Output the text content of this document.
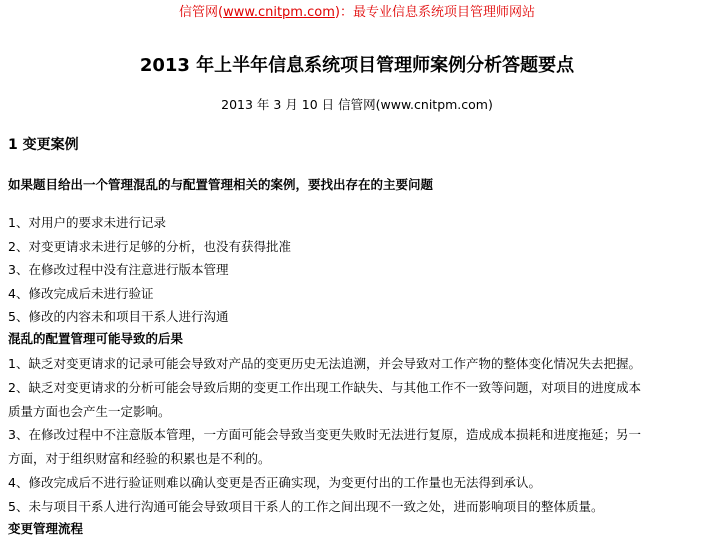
信管网(www.cnitpm.com)：最专业信息系统项目管理师网站
2013 年上半年信息系统项目管理师案例分析答题要点
2013 年 3 月 10 日 信管网(www.cnitpm.com)
1 变更案例
如果题目给出一个管理混乱的与配置管理相关的案例，要找出存在的主要问题
1、对用户的要求未进行记录
2、对变更请求未进行足够的分析，也没有获得批准
3、在修改过程中没有注意进行版本管理
4、修改完成后未进行验证
5、修改的内容未和项目干系人进行沟通
混乱的配置管理可能导致的后果
1、缺乏对变更请求的记录可能会导致对产品的变更历史无法追溯，并会导致对工作产物的整体变化情况失去把握。
2、缺乏对变更请求的分析可能会导致后期的变更工作出现工作缺失、与其他工作不一致等问题，对项目的进度成本
质量方面也会产生一定影响。
3、在修改过程中不注意版本管理，一方面可能会导致当变更失败时无法进行复原，造成成本损耗和进度拖延；另一
方面，对于组织财富和经验的积累也是不利的。
4、修改完成后不进行验证则难以确认变更是否正确实现，为变更付出的工作量也无法得到承认。
5、未与项目干系人进行沟通可能会导致项目干系人的工作之间出现不一致之处，进而影响项目的整体质量。
变更管理流程
